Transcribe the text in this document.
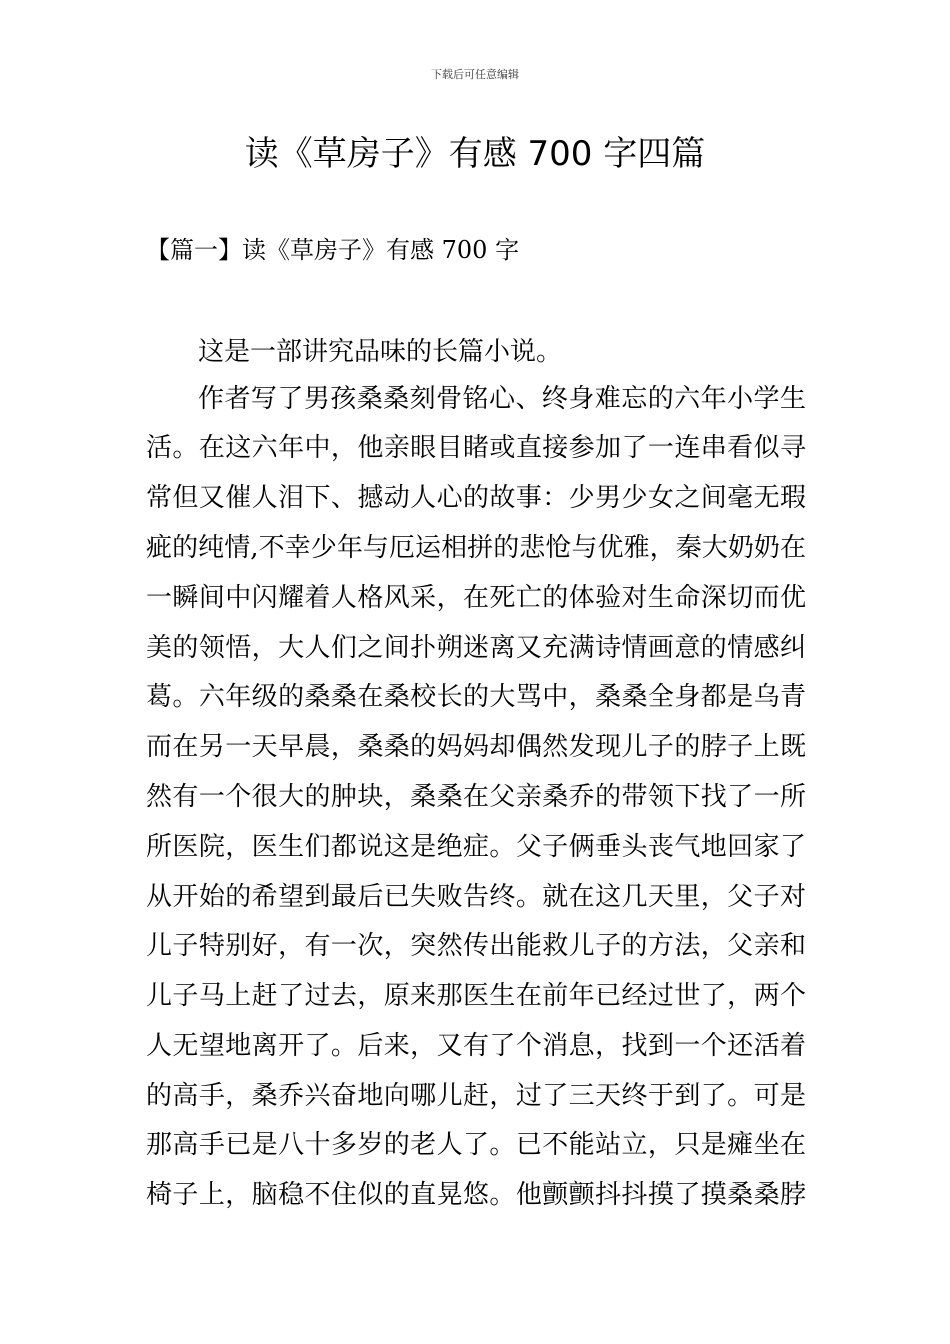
下载后可任意编辑
读《草房子》有感 700 字四篇
【篇一】读《草房子》有感 700 字
这是一部讲究品味的长篇小说。
作者写了男孩桑桑刻骨铭心、终身难忘的六年小学生
活。在这六年中，他亲眼目睹或直接参加了一连串看似寻
常但又催人泪下、撼动人心的故事：少男少女之间毫无瑕
疵的纯情,不幸少年与厄运相拼的悲怆与优雅，秦大奶奶在
一瞬间中闪耀着人格风采，在死亡的体验对生命深切而优
美的领悟，大人们之间扑朔迷离又充满诗情画意的情感纠
葛。六年级的桑桑在桑校长的大骂中，桑桑全身都是乌青
而在另一天早晨，桑桑的妈妈却偶然发现儿子的脖子上既
然有一个很大的肿块，桑桑在父亲桑乔的带领下找了一所
所医院，医生们都说这是绝症。父子俩垂头丧气地回家了
从开始的希望到最后已失败告终。就在这几天里，父子对
儿子特别好，有一次，突然传出能救儿子的方法，父亲和
儿子马上赶了过去，原来那医生在前年已经过世了，两个
人无望地离开了。后来，又有了个消息，找到一个还活着
的高手，桑乔兴奋地向哪儿赶，过了三天终于到了。可是
那高手已是八十多岁的老人了。已不能站立，只是瘫坐在
椅子上，脑稳不住似的直晃悠。他颤颤抖抖摸了摸桑桑脖
